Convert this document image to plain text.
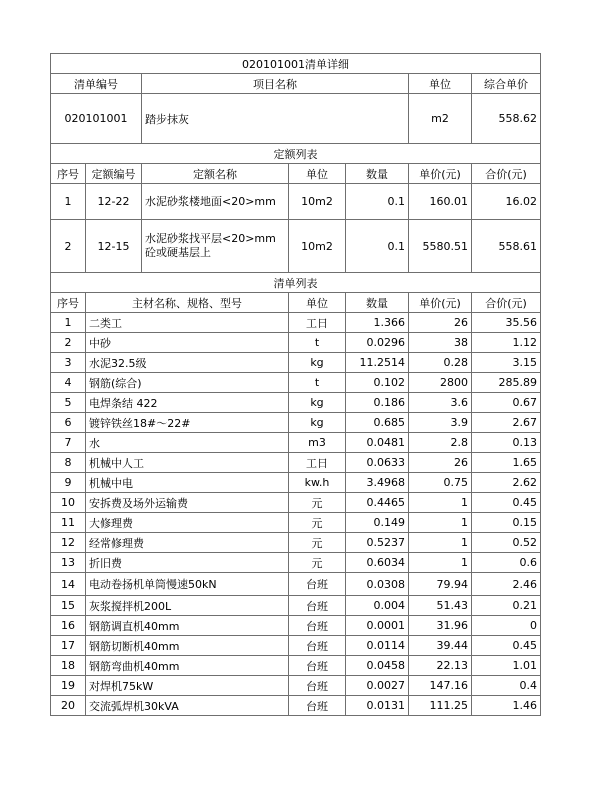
020101001清单详细						
清单编号		项目名称			单位	综合单价
020101001		踏步抹灰			m2	558.62
定额列表						
序号	定额编号	定额名称	单位	数量	单价(元)	合价(元)
1	12-22	水泥砂浆楼地面<20>mm	10m2	0.1	160.01	16.02
2	12-15	水泥砂浆找平层<20>mm 砼或硬基层上	10m2	0.1	5580.51	558.61
清单列表						
序号	主材名称、规格、型号		单位	数量	单价(元)	合价(元)
1	二类工		工日	1.366	26	35.56
2	中砂		t	0.0296	38	1.12
3	水泥32.5级		kg	11.2514	0.28	3.15
4	钢筋(综合)		t	0.102	2800	285.89
5	电焊条结 422		kg	0.186	3.6	0.67
6	镀锌铁丝18#～22#		kg	0.685	3.9	2.67
7	水		m3	0.0481	2.8	0.13
8	机械中人工		工日	0.0633	26	1.65
9	机械中电		kw.h	3.4968	0.75	2.62
10	安拆费及场外运输费		元	0.4465	1	0.45
11	大修理费		元	0.149	1	0.15
12	经常修理费		元	0.5237	1	0.52
13	折旧费		元	0.6034	1	0.6
14	电动卷扬机单筒慢速50kN		台班	0.0308	79.94	2.46
15	灰浆搅拌机200L		台班	0.004	51.43	0.21
16	钢筋调直机40mm		台班	0.0001	31.96	0
17	钢筋切断机40mm		台班	0.0114	39.44	0.45
18	钢筋弯曲机40mm		台班	0.0458	22.13	1.01
19	对焊机75kW		台班	0.0027	147.16	0.4
20	交流弧焊机30kVA		台班	0.0131	111.25	1.46
